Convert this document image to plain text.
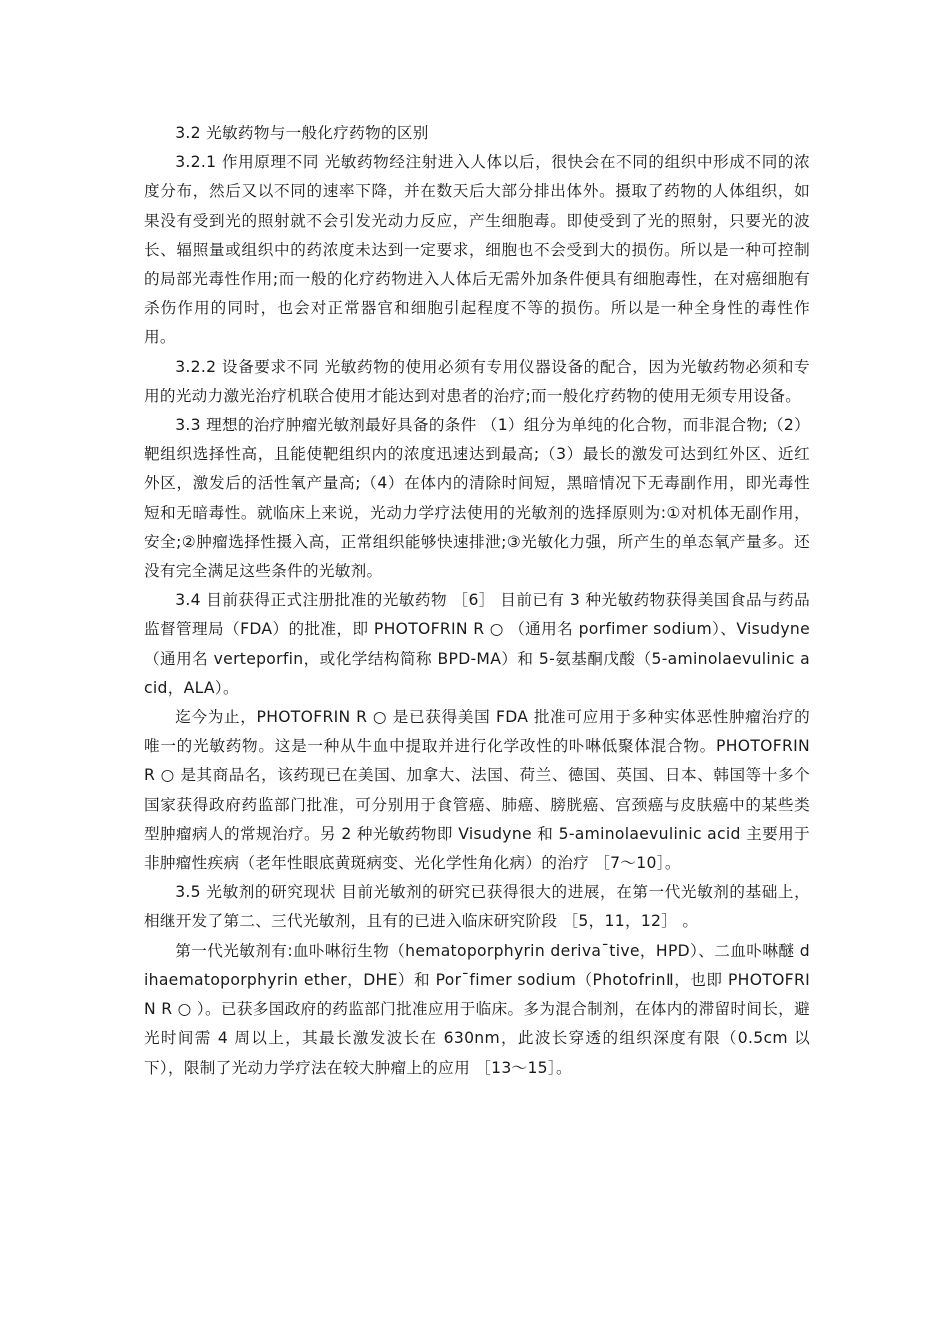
3.2 光敏药物与一般化疗药物的区别

3.2.1 作用原理不同 光敏药物经注射进入人体以后，很快会在不同的组织中形成不同的浓度分布，然后又以不同的速率下降，并在数天后大部分排出体外。摄取了药物的人体组织，如果没有受到光的照射就不会引发光动力反应，产生细胞毒。即使受到了光的照射，只要光的波长、辐照量或组织中的药浓度未达到一定要求，细胞也不会受到大的损伤。所以是一种可控制的局部光毒性作用;而一般的化疗药物进入人体后无需外加条件便具有细胞毒性，在对癌细胞有杀伤作用的同时，也会对正常器官和细胞引起程度不等的损伤。所以是一种全身性的毒性作用。

3.2.2 设备要求不同 光敏药物的使用必须有专用仪器设备的配合，因为光敏药物必须和专用的光动力激光治疗机联合使用才能达到对患者的治疗;而一般化疗药物的使用无须专用设备。

3.3 理想的治疗肿瘤光敏剂最好具备的条件 （1）组分为单纯的化合物，而非混合物;（2）靶组织选择性高，且能使靶组织内的浓度迅速达到最高;（3）最长的激发可达到红外区、近红外区，激发后的活性氧产量高;（4）在体内的清除时间短，黑暗情况下无毒副作用，即光毒性短和无暗毒性。就临床上来说，光动力学疗法使用的光敏剂的选择原则为:①对机体无副作用，安全;②肿瘤选择性摄入高，正常组织能够快速排泄;③光敏化力强，所产生的单态氧产量多。还没有完全满足这些条件的光敏剂。

3.4 目前获得正式注册批准的光敏药物 ［6］ 目前已有 3 种光敏药物获得美国食品与药品监督管理局（FDA）的批准，即 PHOTOFRIN R ○ （通用名 porfimer sodium）、Visudyne（通用名 verteporfin，或化学结构简称 BPD-MA）和 5-氨基酮戊酸（5-aminolaevulinic acid，ALA）。

迄今为止，PHOTOFRIN R ○ 是已获得美国 FDA 批准可应用于多种实体恶性肿瘤治疗的唯一的光敏药物。这是一种从牛血中提取并进行化学改性的卟啉低聚体混合物。PHOTOFRIN R ○ 是其商品名，该药现已在美国、加拿大、法国、荷兰、德国、英国、日本、韩国等十多个国家获得政府药监部门批准，可分别用于食管癌、肺癌、膀胱癌、宫颈癌与皮肤癌中的某些类型肿瘤病人的常规治疗。另 2 种光敏药物即 Visudyne 和 5-aminolaevulinic acid 主要用于非肿瘤性疾病（老年性眼底黄斑病变、光化学性角化病）的治疗 ［7～10］。

3.5 光敏剂的研究现状 目前光敏剂的研究已获得很大的进展，在第一代光敏剂的基础上，相继开发了第二、三代光敏剂，且有的已进入临床研究阶段 ［5，11，12］ 。

第一代光敏剂有:血卟啉衍生物（hematoporphyrin deriva¯tive，HPD）、二血卟啉醚 dihaematoporphyrin ether，DHE）和 Por¯fimer sodium（PhotofrinⅡ，也即 PHOTOFRIN R ○ ）。已获多国政府的药监部门批准应用于临床。多为混合制剂，在体内的滞留时间长，避光时间需 4 周以上，其最长激发波长在 630nm，此波长穿透的组织深度有限（0.5cm 以下），限制了光动力学疗法在较大肿瘤上的应用 ［13～15］。
